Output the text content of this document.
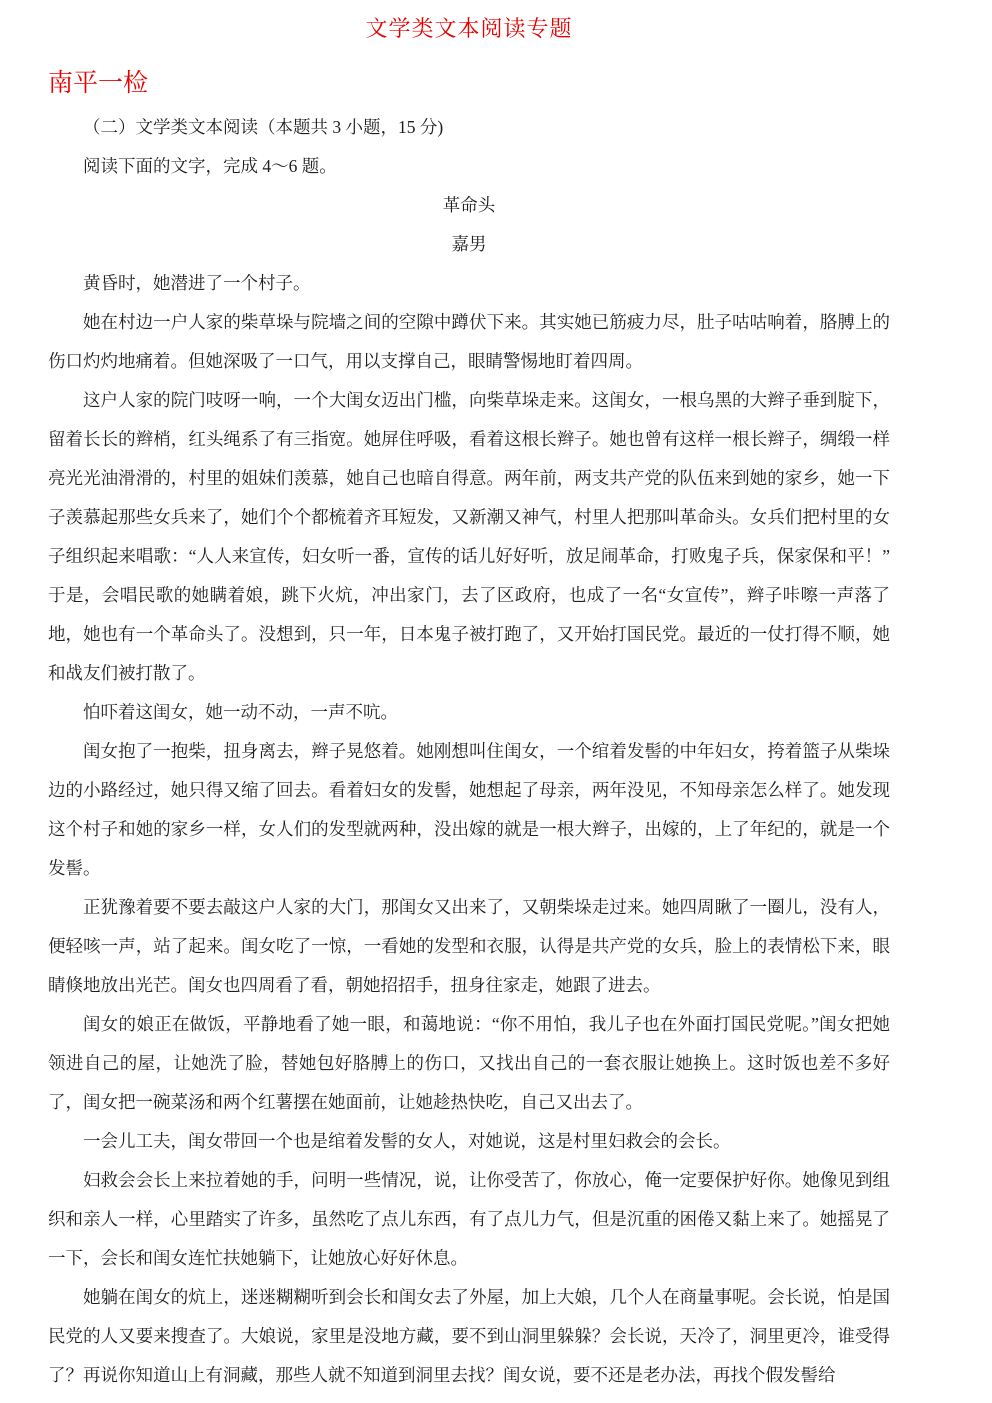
文学类文本阅读专题
南平一检

（二）文学类文本阅读（本题共 3 小题，15 分)

阅读下面的文字，完成 4～6 题。

革命头

嘉男

黄昏时，她潜进了一个村子。

她在村边一户人家的柴草垛与院墙之间的空隙中蹲伏下来。其实她已筋疲力尽，肚子咕咕响着，胳膊上的伤口灼灼地痛着。但她深吸了一口气，用以支撑自己，眼睛警惕地盯着四周。

这户人家的院门吱呀一响，一个大闺女迈出门槛，向柴草垛走来。这闺女，一根乌黑的大辫子垂到腚下，留着长长的辫梢，红头绳系了有三指宽。她屏住呼吸，看着这根长辫子。她也曾有这样一根长辫子，绸缎一样亮光光油滑滑的，村里的姐妹们羡慕，她自己也暗自得意。两年前，两支共产党的队伍来到她的家乡，她一下子羡慕起那些女兵来了，她们个个都梳着齐耳短发，又新潮又神气，村里人把那叫革命头。女兵们把村里的女子组织起来唱歌：“人人来宣传，妇女听一番，宣传的话儿好好听，放足闹革命，打败鬼子兵，保家保和平！”于是，会唱民歌的她瞒着娘，跳下火炕，冲出家门，去了区政府，也成了一名“女宣传”，辫子咔嚓一声落了地，她也有一个革命头了。没想到，只一年，日本鬼子被打跑了，又开始打国民党。最近的一仗打得不顺，她和战友们被打散了。

怕吓着这闺女，她一动不动，一声不吭。

闺女抱了一抱柴，扭身离去，辫子晃悠着。她刚想叫住闺女，一个绾着发髻的中年妇女，挎着篮子从柴垛边的小路经过，她只得又缩了回去。看着妇女的发髻，她想起了母亲，两年没见，不知母亲怎么样了。她发现这个村子和她的家乡一样，女人们的发型就两种，没出嫁的就是一根大辫子，出嫁的，上了年纪的，就是一个发髻。

正犹豫着要不要去敲这户人家的大门，那闺女又出来了，又朝柴垛走过来。她四周瞅了一圈儿，没有人，便轻咳一声，站了起来。闺女吃了一惊，一看她的发型和衣服，认得是共产党的女兵，脸上的表情松下来，眼睛倏地放出光芒。闺女也四周看了看，朝她招招手，扭身往家走，她跟了进去。

闺女的娘正在做饭，平静地看了她一眼，和蔼地说：“你不用怕，我儿子也在外面打国民党呢。”闺女把她领进自己的屋，让她洗了脸，替她包好胳膊上的伤口，又找出自己的一套衣服让她换上。这时饭也差不多好了，闺女把一碗菜汤和两个红薯摆在她面前，让她趁热快吃，自己又出去了。

一会儿工夫，闺女带回一个也是绾着发髻的女人，对她说，这是村里妇救会的会长。

妇救会会长上来拉着她的手，问明一些情况，说，让你受苦了，你放心，俺一定要保护好你。她像见到组织和亲人一样，心里踏实了许多，虽然吃了点儿东西，有了点儿力气，但是沉重的困倦又黏上来了。她摇晃了一下，会长和闺女连忙扶她躺下，让她放心好好休息。

她躺在闺女的炕上，迷迷糊糊听到会长和闺女去了外屋，加上大娘，几个人在商量事呢。会长说，怕是国民党的人又要来搜查了。大娘说，家里是没地方藏，要不到山洞里躲躲？会长说，天冷了，洞里更冷，谁受得了？再说你知道山上有洞藏，那些人就不知道到洞里去找？闺女说，要不还是老办法，再找个假发髻给
